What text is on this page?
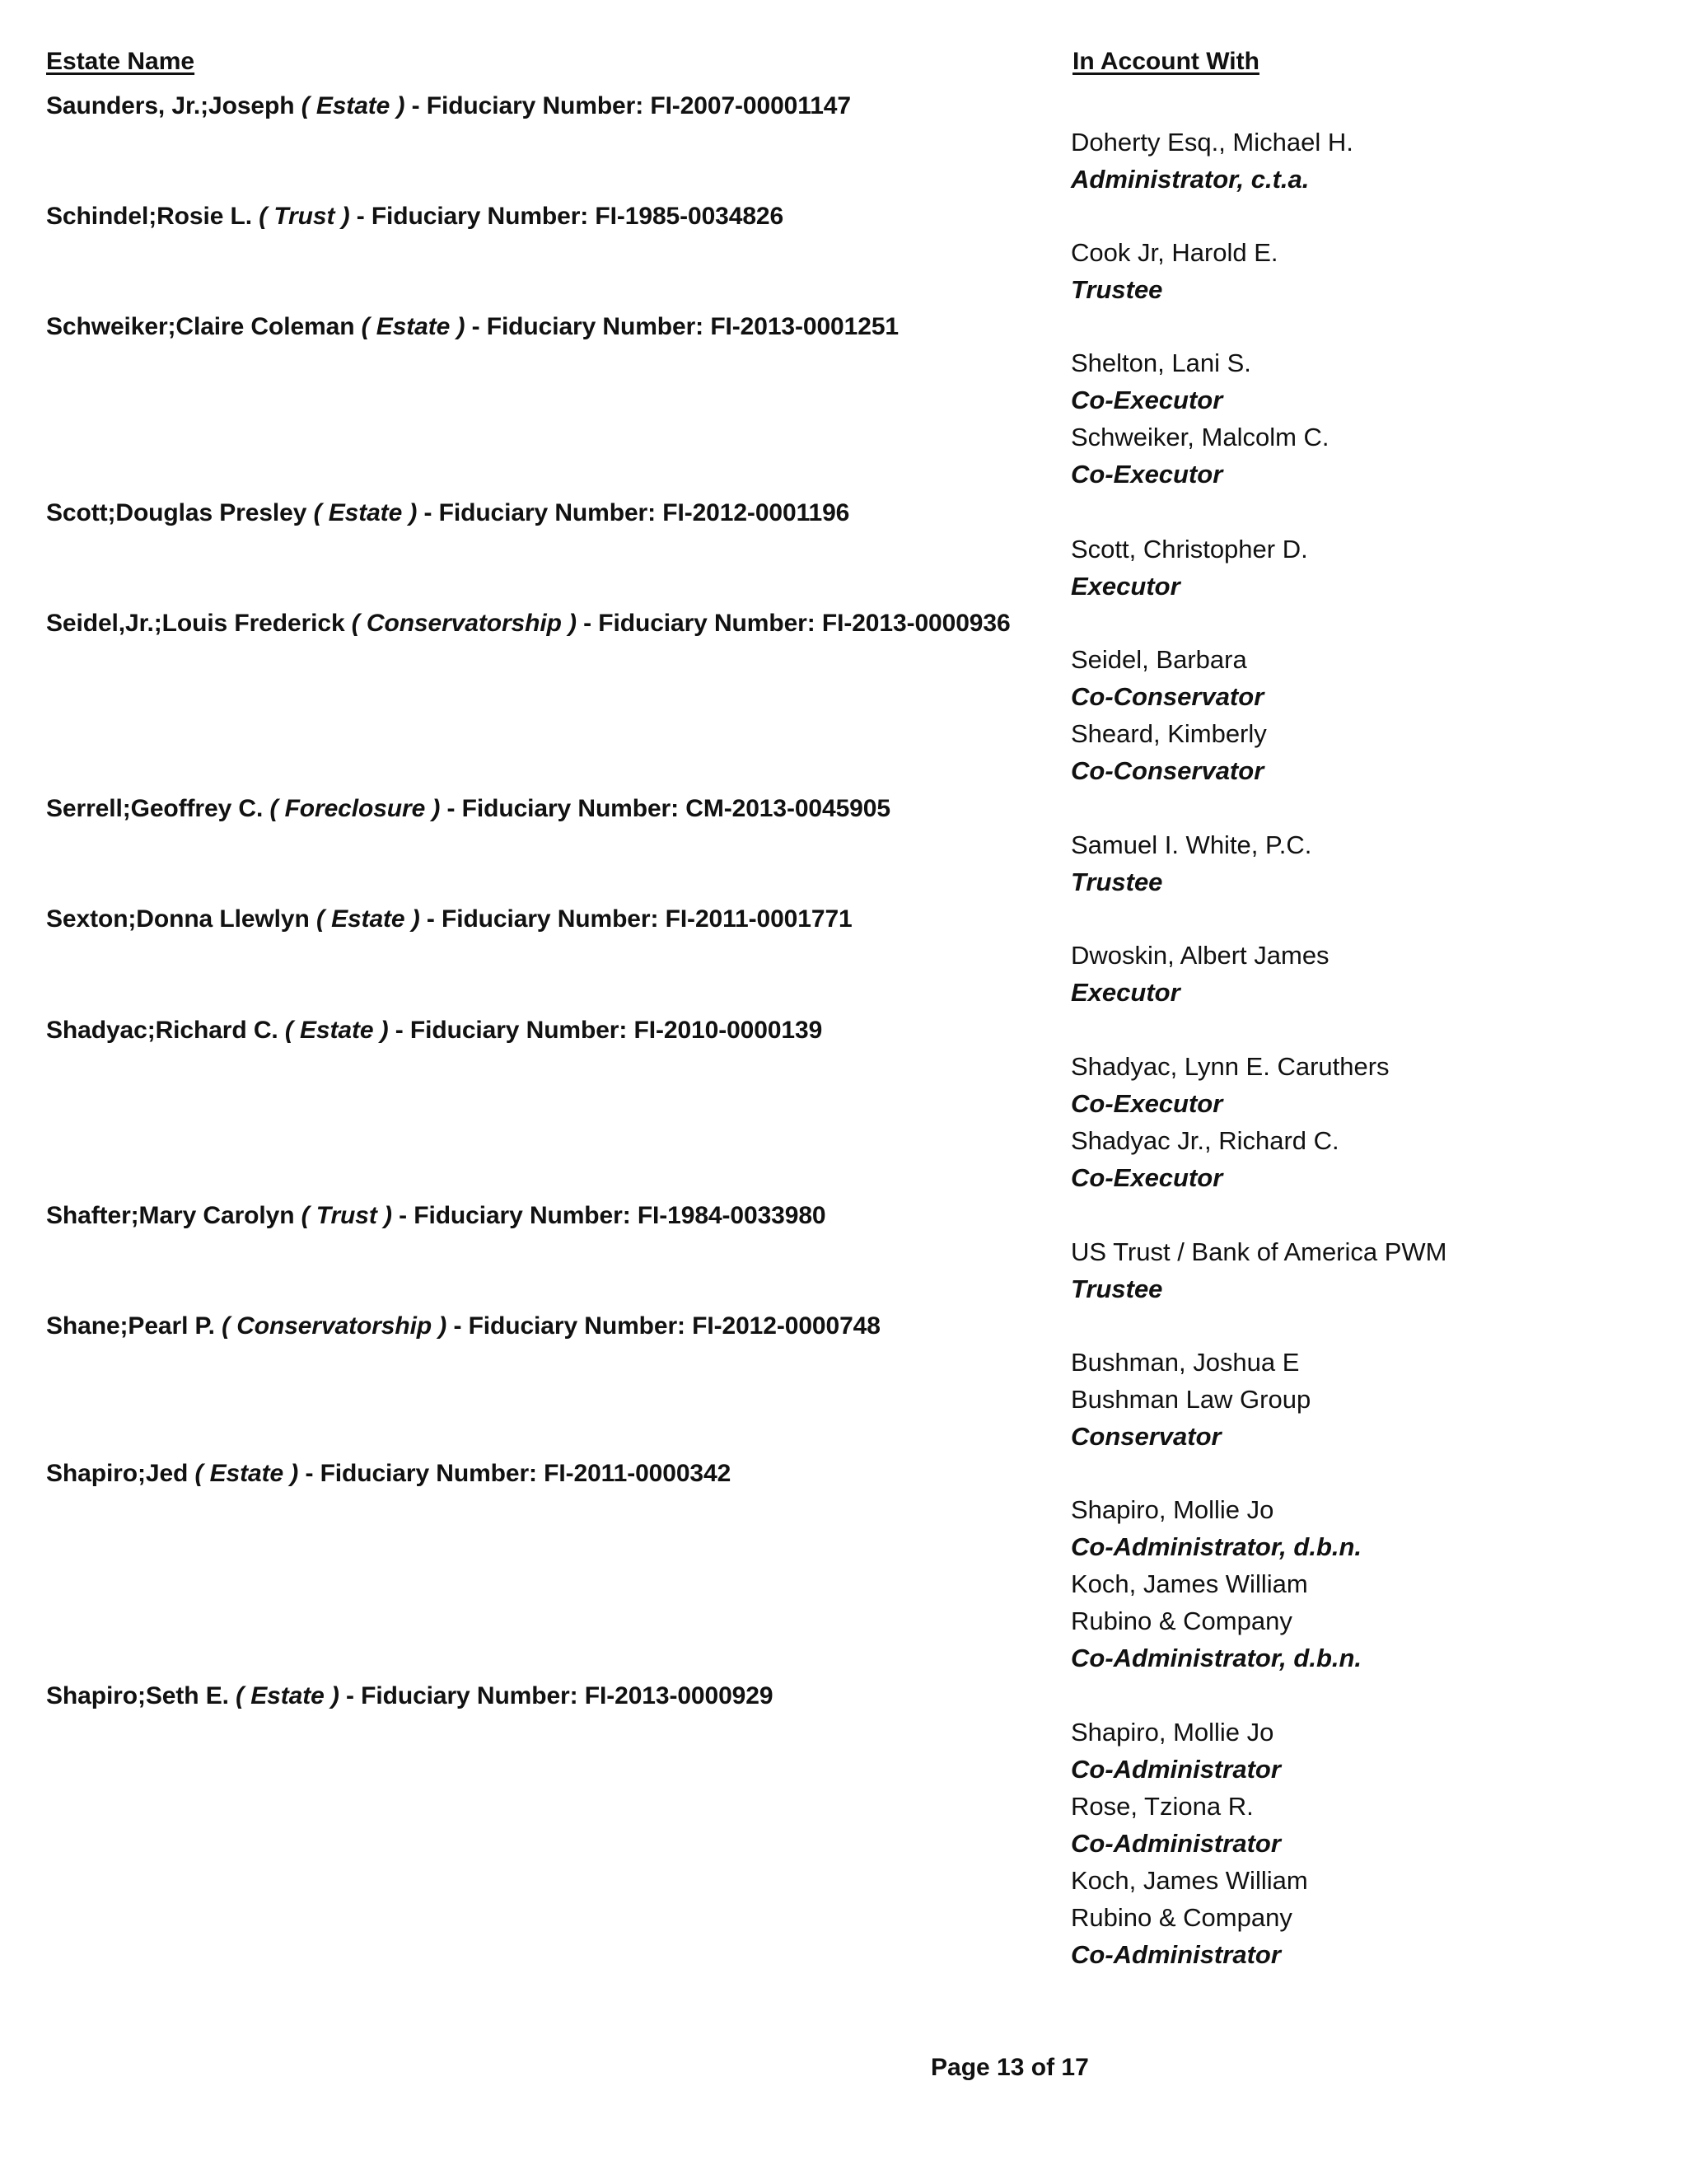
Estate Name	In Account With
Saunders, Jr.;Joseph ( Estate ) - Fiduciary Number: FI-2007-00001147
Doherty Esq., Michael H.
Administrator, c.t.a.
Schindel;Rosie L. ( Trust ) - Fiduciary Number: FI-1985-0034826
Cook Jr, Harold E.
Trustee
Schweiker;Claire Coleman ( Estate ) - Fiduciary Number: FI-2013-0001251
Shelton, Lani S.
Co-Executor
Schweiker, Malcolm C.
Co-Executor
Scott;Douglas Presley ( Estate ) - Fiduciary Number: FI-2012-0001196
Scott, Christopher D.
Executor
Seidel,Jr.;Louis Frederick ( Conservatorship ) - Fiduciary Number: FI-2013-0000936
Seidel, Barbara
Co-Conservator
Sheard, Kimberly
Co-Conservator
Serrell;Geoffrey C. ( Foreclosure ) - Fiduciary Number: CM-2013-0045905
Samuel I. White, P.C.
Trustee
Sexton;Donna Llewlyn ( Estate ) - Fiduciary Number: FI-2011-0001771
Dwoskin, Albert James
Executor
Shadyac;Richard C. ( Estate ) - Fiduciary Number: FI-2010-0000139
Shadyac, Lynn E. Caruthers
Co-Executor
Shadyac Jr., Richard C.
Co-Executor
Shafter;Mary Carolyn ( Trust ) - Fiduciary Number: FI-1984-0033980
US Trust / Bank of America PWM
Trustee
Shane;Pearl P. ( Conservatorship ) - Fiduciary Number: FI-2012-0000748
Bushman, Joshua E
Bushman Law Group
Conservator
Shapiro;Jed ( Estate ) - Fiduciary Number: FI-2011-0000342
Shapiro, Mollie Jo
Co-Administrator, d.b.n.
Koch, James William
Rubino & Company
Co-Administrator, d.b.n.
Shapiro;Seth E. ( Estate ) - Fiduciary Number: FI-2013-0000929
Shapiro, Mollie Jo
Co-Administrator
Rose, Tziona R.
Co-Administrator
Koch, James William
Rubino & Company
Co-Administrator
Page 13 of 17
